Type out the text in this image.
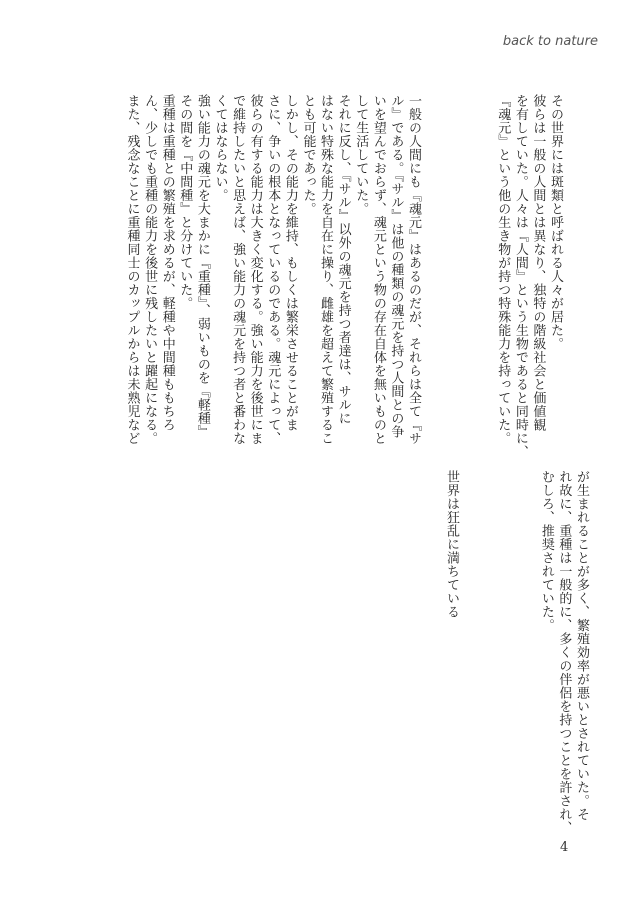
back to nature

その世界には斑類と呼ばれる人々が居た。

彼らは一般の人間とは異なり、独特の階級社会と価値観

を有していた。人々は『人間』という生物であると同時に、

『魂元』という他の生き物が持つ特殊能力を持っていた。

一般の人間にも『魂元』はあるのだが、それらは全て『サ

ル』である。『サル』は他の種類の魂元を持つ人間との争

いを望んでおらず、魂元という物の存在自体を無いものと

して生活していた。

それに反し、『サル』以外の魂元を持つ者達は、サルに

はない特殊な能力を自在に操り、雌雄を超えて繁殖するこ

とも可能であった。

しかし、その能力を維持、もしくは繁栄させることがま

さに、争いの根本となっているのである。魂元によって、

彼らの有する能力は大きく変化する。強い能力を後世にま

で維持したいと思えば、強い能力の魂元を持つ者と番わな

くてはならない。

強い能力の魂元を大まかに『重種』、弱いものを『軽種』

その間を『中間種』と分けていた。

重種は重種との繁殖を求めるが、軽種や中間種ももちろ

ん、少しでも重種の能力を後世に残したいと躍起になる。

また、残念なことに重種同士のカップルからは未熟児など

が生まれることが多く、繁殖効率が悪いとされていた。そ

れ故に、重種は一般的に、多くの伴侶を持つことを許され、

むしろ、推奨されていた。

世界は狂乱に満ちている
4
